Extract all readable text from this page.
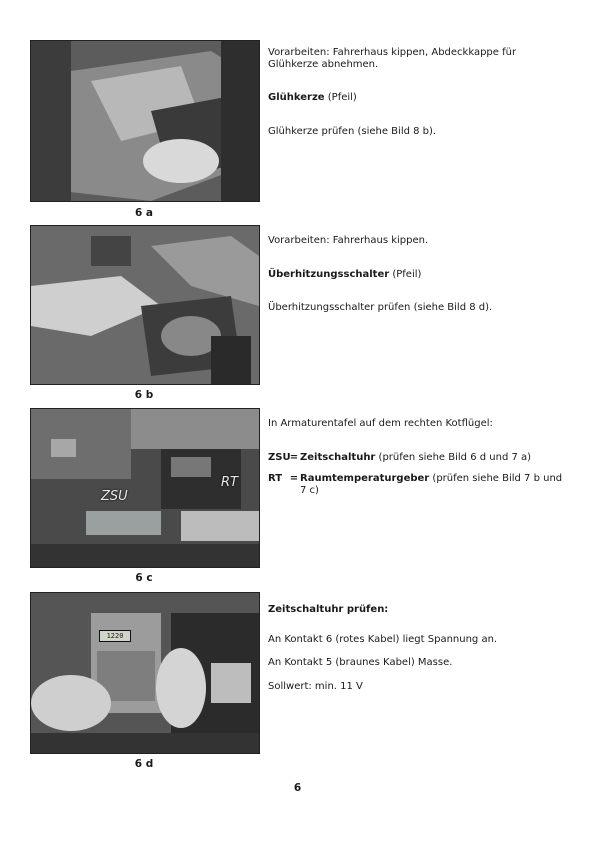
6 a

Vorarbeiten: Fahrerhaus kippen, Abdeckkappe für Glühkerze abnehmen.

Glühkerze (Pfeil)

Glühkerze prüfen (siehe Bild 8 b).

6 b

Vorarbeiten: Fahrerhaus kippen.

Überhitzungsschalter (Pfeil)

Überhitzungsschalter prüfen (siehe Bild 8 d).

ZSU
RT
6 c

In Armaturentafel auf dem rechten Kotflügel:

ZSU = Zeitschaltuhr (prüfen siehe Bild 6 d und 7 a)
RT = Raumtemperaturgeber (prüfen siehe Bild 7 b und 7 c)
1220
6 d

Zeitschaltuhr prüfen:

An Kontakt 6 (rotes Kabel) liegt Spannung an.

An Kontakt 5 (braunes Kabel) Masse.

Sollwert: min. 11 V

6
